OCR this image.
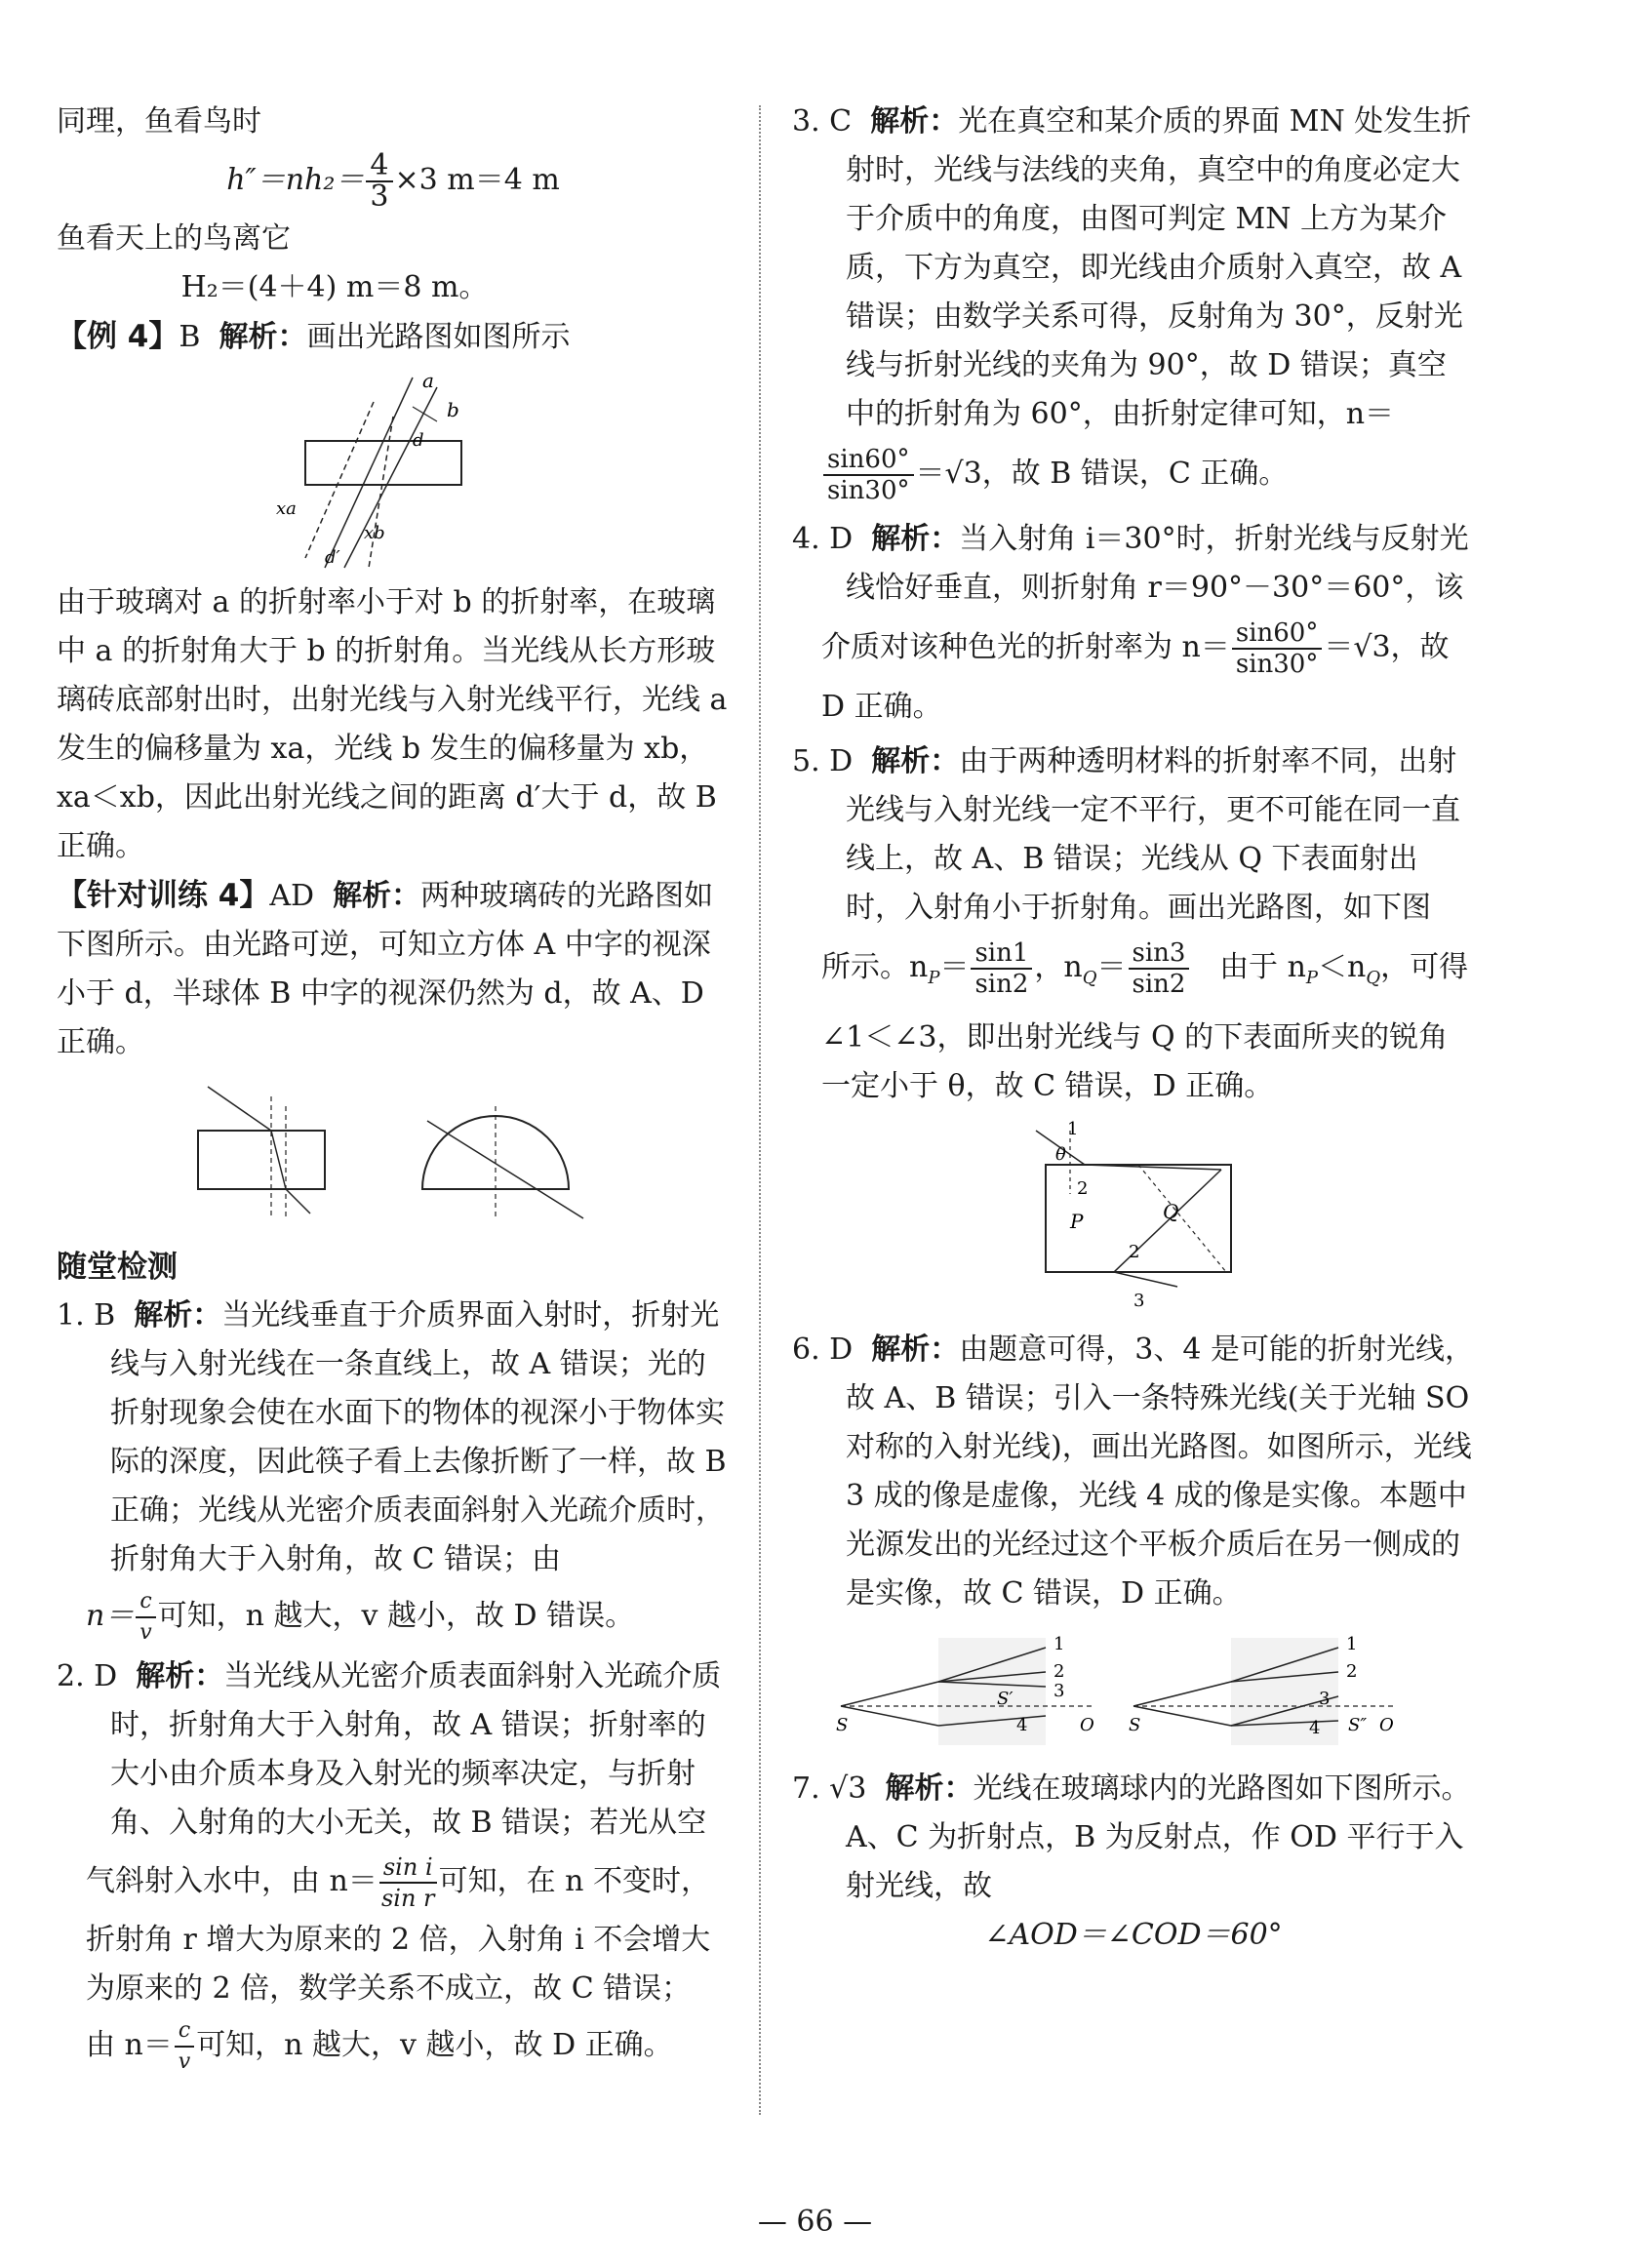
同理，鱼看鸟时

$h''=nh_2= \frac{4}{3} \times 3$ m＝4 m

鱼看天上的鸟离它

H₂＝(4＋4) m＝8 m。

【例 4】B 解析：画出光路图如图所示

a
b
d
xa
xb
d′

由于玻璃对 a 的折射率小于对 b 的折射率，在玻璃中 a 的折射角大于 b 的折射角。当光线从长方形玻璃砖底部射出时，出射光线与入射光线平行，光线 a 发生的偏移量为 xa，光线 b 发生的偏移量为 xb，xa＜xb，因此出射光线之间的距离 d′大于 d，故 B 正确。

【针对训练 4】AD 解析：两种玻璃砖的光路图如下图所示。由光路可逆，可知立方体 A 中字的视深小于 d，半球体 B 中字的视深仍然为 d，故 A、D 正确。

随堂检测

1. B 解析：当光线垂直于介质界面入射时，折射光线与入射光线在一条直线上，故 A 错误；光的折射现象会使在水面下的物体的视深小于物体实际的深度，因此筷子看上去像折断了一样，故 B 正确；光线从光密介质表面斜射入光疏介质时，折射角大于入射角，故 C 错误；由

$n= \frac{c}{v}$ 可知，n 越大，v 越小，故 D 错误。

2. D 解析：当光线从光密介质表面斜射入光疏介质时，折射角大于入射角，故 A 错误；折射率的大小由介质本身及入射光的频率决定，与折射角、入射角的大小无关，故 B 错误；若光从空

气斜射入水中，由 $n= \frac{\text{sin i}}{\text{sin r}}$ 可知，在 n 不变时，

折射角 r 增大为原来的 2 倍，入射角 i 不会增大为原来的 2 倍，数学关系不成立，故 C 错误；

由 $n= \frac{c}{v}$ 可知，n 越大，v 越小，故 D 正确。

3. C 解析：光在真空和某介质的界面 MN 处发生折射时，光线与法线的夹角，真空中的角度必定大于介质中的角度，由图可判定 MN 上方为某介质，下方为真空，即光线由介质射入真空，故 A 错误；由数学关系可得，反射角为 30°，反射光线与折射光线的夹角为 90°，故 D 错误；真空中的折射角为 60°，由折射定律可知，n＝

$\frac{\sin 60^\circ}{\sin 30^\circ} =√3$，故 B 错误，C 正确。

4. D 解析：当入射角 i＝30°时，折射光线与反射光线恰好垂直，则折射角 r＝90°－30°＝60°，该

介质对该种色光的折射率为 $n= \frac{\sin 60^\circ}{\sin 30^\circ} =√3$，故

D 正确。

5. D 解析：由于两种透明材料的折射率不同，出射光线与入射光线一定不平行，更不可能在同一直线上，故 A、B 错误；光线从 Q 下表面射出时，入射角小于折射角。画出光路图，如下图

所示。$n_P= \frac{\sin 1}{\sin 2}$ ，$n_Q= \frac{\sin 3}{\sin 2}$ 由于 $n_P<n_Q$，可得

∠1＜∠3，即出射光线与 Q 的下表面所夹的锐角一定小于 θ，故 C 错误，D 正确。

1
θ
2
P	Q
2
3

6. D 解析：由题意可得，3、4 是可能的折射光线，故 A、B 错误；引入一条特殊光线(关于光轴 SO 对称的入射光线)，画出光路图。如图所示，光线 3 成的像是虚像，光线 4 成的像是实像。本题中光源发出的光经过这个平板介质后在另一侧成的是实像，故 C 错误，D 正确。

S
S′
O
1
2
3
4	S	S″ O
1
2
3
4

7. √3 解析：光线在玻璃球内的光路图如下图所示。A、C 为折射点，B 为反射点，作 OD 平行于入射光线，故

∠AOD＝∠COD＝60°

— 66 —
